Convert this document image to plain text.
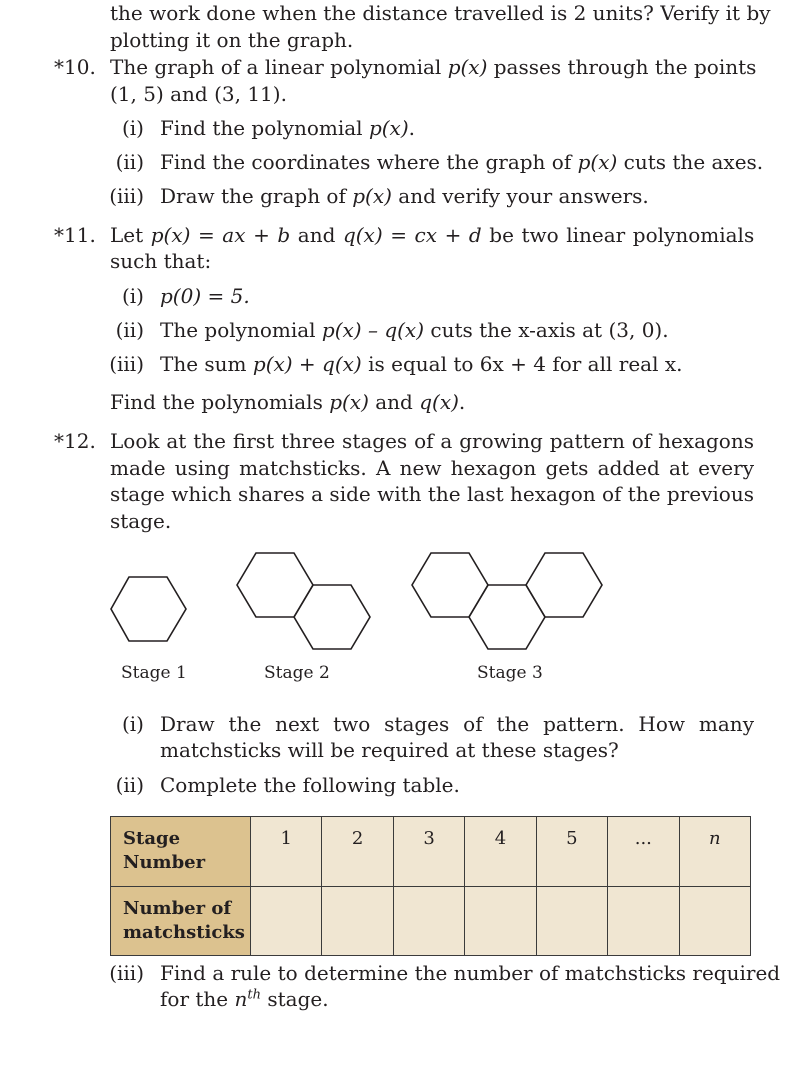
the work done when the distance travelled is 2 units? Verify it by
plotting it on the graph.
*10. The graph of a linear polynomial p(x) passes through the points
(1, 5) and (3, 11).
(i) Find the polynomial p(x).
(ii) Find the coordinates where the graph of p(x) cuts the axes.
(iii) Draw the graph of p(x) and verify your answers.
*11. Let p(x) = ax + b and q(x) = cx + d be two linear polynomials
such that:
(i) p(0) = 5.
(ii) The polynomial p(x) – q(x) cuts the x-axis at (3, 0).
(iii) The sum p(x) + q(x) is equal to 6x + 4 for all real x.
Find the polynomials p(x) and q(x).
*12. Look at the first three stages of a growing pattern of hexagons
made using matchsticks. A new hexagon gets added at every
stage which shares a side with the last hexagon of the previous
stage.
Stage 1	Stage 2	Stage 3
(i) Draw the next two stages of the pattern. How many
matchsticks will be required at these stages?
(ii) Complete the following table.
Stage
Number	1	2	3	4	5	...	n
Number of
matchsticks							
(iii) Find a rule to determine the number of matchsticks required
for the $n^{th}$ stage.
